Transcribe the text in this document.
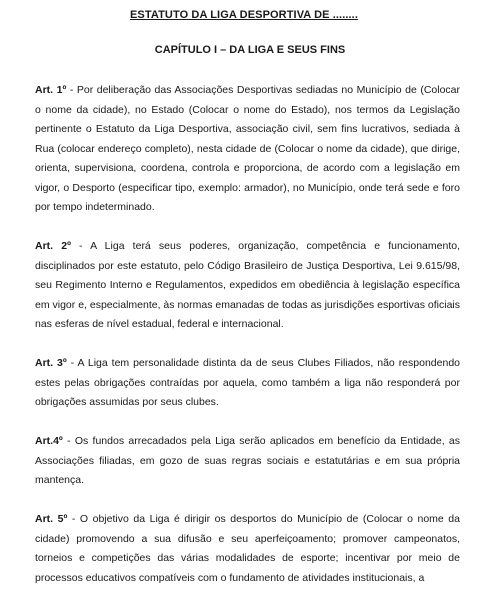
ESTATUTO DA LIGA DESPORTIVA DE ........
CAPÍTULO I – DA LIGA E SEUS FINS

Art. 1º - Por deliberação das Associações Desportivas sediadas no Município de (Colocar o nome da cidade), no Estado (Colocar o nome do Estado), nos termos da Legislação pertinente o Estatuto da Liga Desportiva, associação civil, sem fins lucrativos, sediada à Rua (colocar endereço completo), nesta cidade de (Colocar o nome da cidade), que dirige, orienta, supervisiona, coordena, controla e proporciona, de acordo com a legislação em vigor, o Desporto (especificar tipo, exemplo: armador), no Município, onde terá sede e foro por tempo indeterminado.

Art. 2º - A Liga terá seus poderes, organização, competência e funcionamento, disciplinados por este estatuto, pelo Código Brasileiro de Justiça Desportiva, Lei 9.615/98, seu Regimento Interno e Regulamentos, expedidos em obediência à legislação específica em vigor e, especialmente, às normas emanadas de todas as jurisdições esportivas oficiais nas esferas de nível estadual, federal e internacional.

Art. 3º - A Liga tem personalidade distinta da de seus Clubes Filiados, não respondendo estes pelas obrigações contraídas por aquela, como também a liga não responderá por obrigações assumidas por seus clubes.

Art.4º - Os fundos arrecadados pela Liga serão aplicados em benefício da Entidade, as Associações filiadas, em gozo de suas regras sociais e estatutárias e em sua própria mantença.

Art. 5º - O objetivo da Liga é dirigir os desportos do Município de (Colocar o nome da cidade) promovendo a sua difusão e seu aperfeiçoamento; promover campeonatos, torneios e competições das várias modalidades de esporte; incentivar por meio de processos educativos compatíveis com o fundamento de atividades institucionais, a
